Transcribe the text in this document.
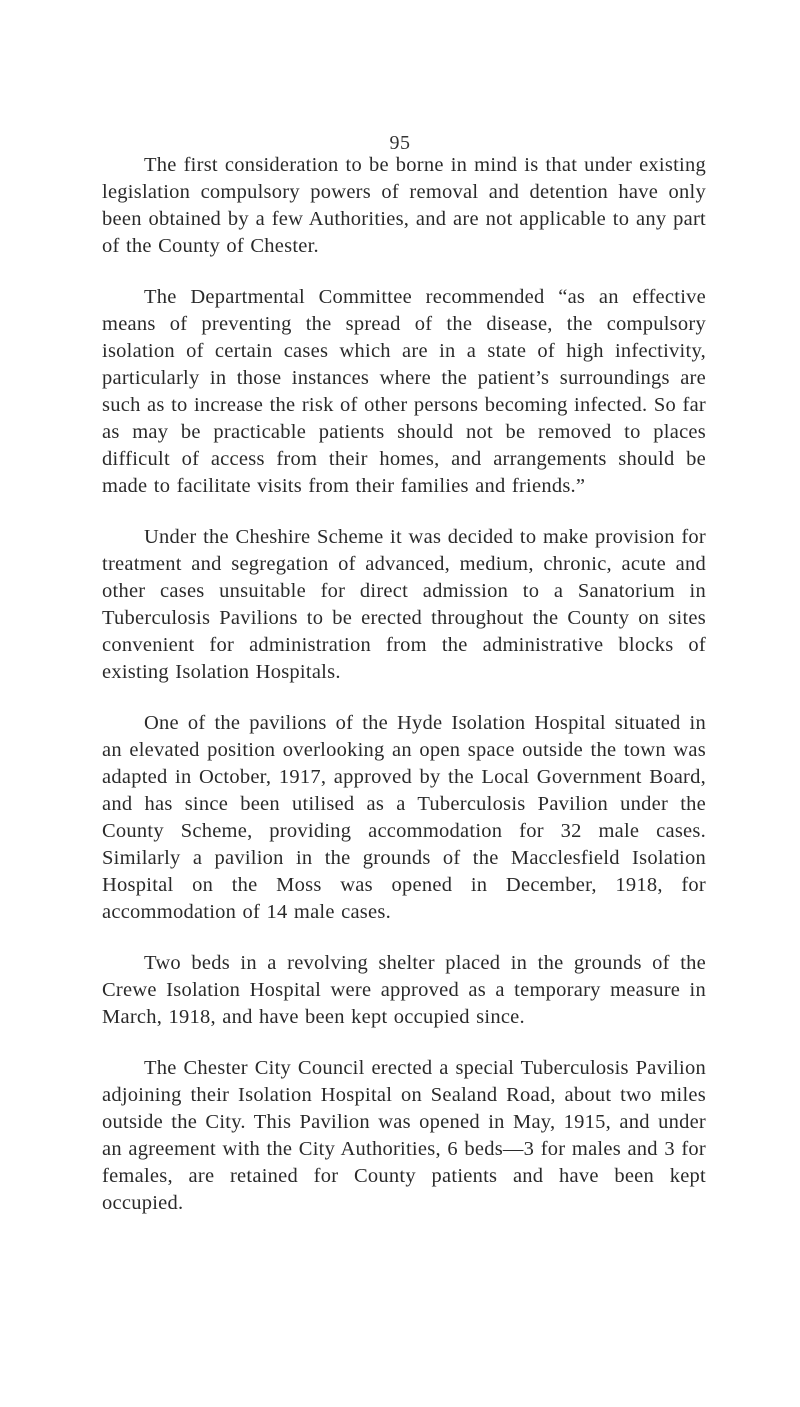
95

The first consideration to be borne in mind is that under existing legislation compulsory powers of removal and detention have only been obtained by a few Authorities, and are not applicable to any part of the County of Chester.

The Departmental Committee recommended “as an effective means of preventing the spread of the disease, the compulsory isolation of certain cases which are in a state of high infectivity, particularly in those instances where the patient’s surroundings are such as to increase the risk of other persons becoming infected. So far as may be practicable patients should not be removed to places difficult of access from their homes, and arrangements should be made to facilitate visits from their families and friends.”

Under the Cheshire Scheme it was decided to make provision for treatment and segregation of advanced, medium, chronic, acute and other cases unsuitable for direct admission to a Sanatorium in Tuberculosis Pavilions to be erected throughout the County on sites convenient for administration from the administrative blocks of existing Isolation Hospitals.

One of the pavilions of the Hyde Isolation Hospital situated in an elevated position overlooking an open space outside the town was adapted in October, 1917, approved by the Local Government Board, and has since been utilised as a Tuberculosis Pavilion under the County Scheme, providing accommodation for 32 male cases. Similarly a pavilion in the grounds of the Macclesfield Isolation Hospital on the Moss was opened in December, 1918, for accommodation of 14 male cases.

Two beds in a revolving shelter placed in the grounds of the Crewe Isolation Hospital were approved as a temporary measure in March, 1918, and have been kept occupied since.

The Chester City Council erected a special Tuberculosis Pavilion adjoining their Isolation Hospital on Sealand Road, about two miles outside the City. This Pavilion was opened in May, 1915, and under an agreement with the City Authorities, 6 beds—3 for males and 3 for females, are retained for County patients and have been kept occupied.
